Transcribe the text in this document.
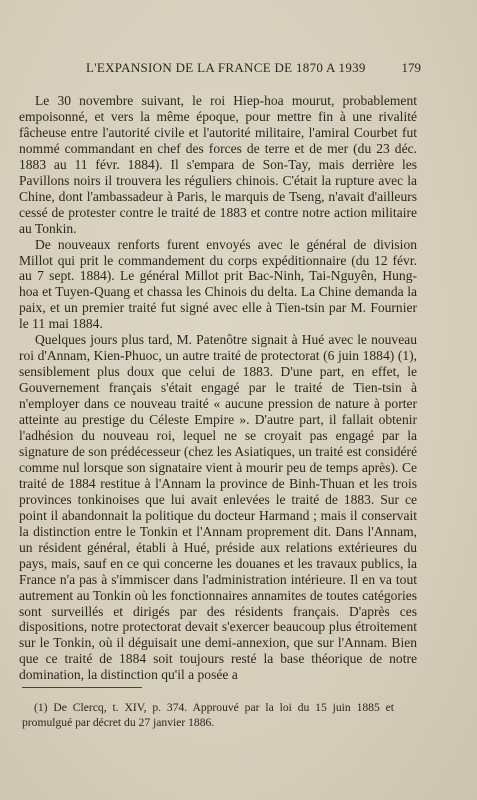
L'EXPANSION DE LA FRANCE DE 1870 A 1939	179

Le 30 novembre suivant, le roi Hiep-hoa mourut, probablement empoisonné, et vers la même époque, pour mettre fin à une rivalité fâcheuse entre l'autorité civile et l'autorité militaire, l'amiral Courbet fut nommé commandant en chef des forces de terre et de mer (du 23 déc. 1883 au 11 févr. 1884). Il s'empara de Son-Tay, mais derrière les Pavillons noirs il trouvera les réguliers chinois. C'était la rupture avec la Chine, dont l'ambassadeur à Paris, le marquis de Tseng, n'avait d'ailleurs cessé de protester contre le traité de 1883 et contre notre action militaire au Tonkin.

De nouveaux renforts furent envoyés avec le général de division Millot qui prit le commandement du corps expéditionnaire (du 12 févr. au 7 sept. 1884). Le général Millot prit Bac-Ninh, Tai-Nguyên, Hung-hoa et Tuyen-Quang et chassa les Chinois du delta. La Chine demanda la paix, et un premier traité fut signé avec elle à Tien-tsin par M. Fournier le 11 mai 1884.

Quelques jours plus tard, M. Patenôtre signait à Hué avec le nouveau roi d'Annam, Kien-Phuoc, un autre traité de protectorat (6 juin 1884) (1), sensiblement plus doux que celui de 1883. D'une part, en effet, le Gouvernement français s'était engagé par le traité de Tien-tsin à n'employer dans ce nouveau traité « aucune pression de nature à porter atteinte au prestige du Céleste Empire ». D'autre part, il fallait obtenir l'adhésion du nouveau roi, lequel ne se croyait pas engagé par la signature de son prédécesseur (chez les Asiatiques, un traité est considéré comme nul lorsque son signataire vient à mourir peu de temps après). Ce traité de 1884 restitue à l'Annam la province de Binh-Thuan et les trois provinces tonkinoises que lui avait enlevées le traité de 1883. Sur ce point il abandonnait la politique du docteur Harmand ; mais il conservait la distinction entre le Tonkin et l'Annam proprement dit. Dans l'Annam, un résident général, établi à Hué, préside aux relations extérieures du pays, mais, sauf en ce qui concerne les douanes et les travaux publics, la France n'a pas à s'immiscer dans l'administration intérieure. Il en va tout autrement au Tonkin où les fonctionnaires annamites de toutes catégories sont surveillés et dirigés par des résidents français. D'après ces dispositions, notre protectorat devait s'exercer beaucoup plus étroitement sur le Tonkin, où il déguisait une demi-annexion, que sur l'Annam. Bien que ce traité de 1884 soit toujours resté la base théorique de notre domination, la distinction qu'il a posée a

(1) De Clercq, t. XIV, p. 374. Approuvé par la loi du 15 juin 1885 et promulgué par décret du 27 janvier 1886.
